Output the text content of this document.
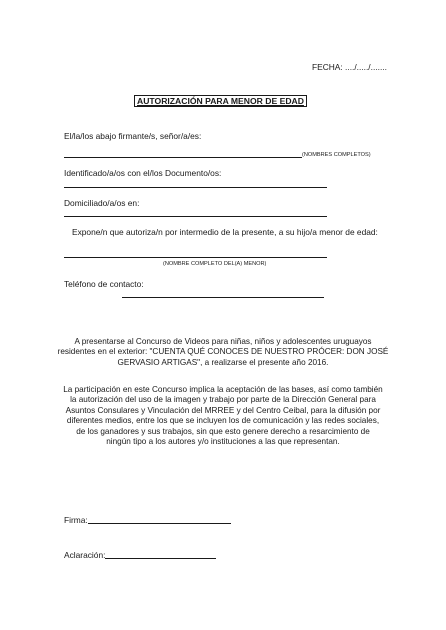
FECHA: ..../...../.......
AUTORIZACIÓN PARA MENOR DE EDAD
El/la/los abajo firmante/s, señor/a/es:
(NOMBRES COMPLETOS)
Identificado/a/os con el/los Documento/os:
Domiciliado/a/os en:
Expone/n que autoriza/n por intermedio de la presente, a su hijo/a menor de edad:
(NOMBRE COMPLETO DEL(A) MENOR)
Teléfono de contacto:
A presentarse al Concurso de Videos para niñas, niños y adolescentes uruguayos
residentes en el exterior: "CUENTA QUÉ CONOCES DE NUESTRO PRÓCER: DON JOSÉ
GERVASIO ARTIGAS", a realizarse el presente año 2016.
La participación en este Concurso implica la aceptación de las bases, así como también
la autorización del uso de la imagen y trabajo por parte de la Dirección General para
Asuntos Consulares y Vinculación del MRREE y del Centro Ceibal, para la difusión por
diferentes medios, entre los que se incluyen los de comunicación y las redes sociales,
de los ganadores y sus trabajos, sin que esto genere derecho a resarcimiento de
ningún tipo a los autores y/o instituciones a las que representan.
Firma:
Aclaración:
